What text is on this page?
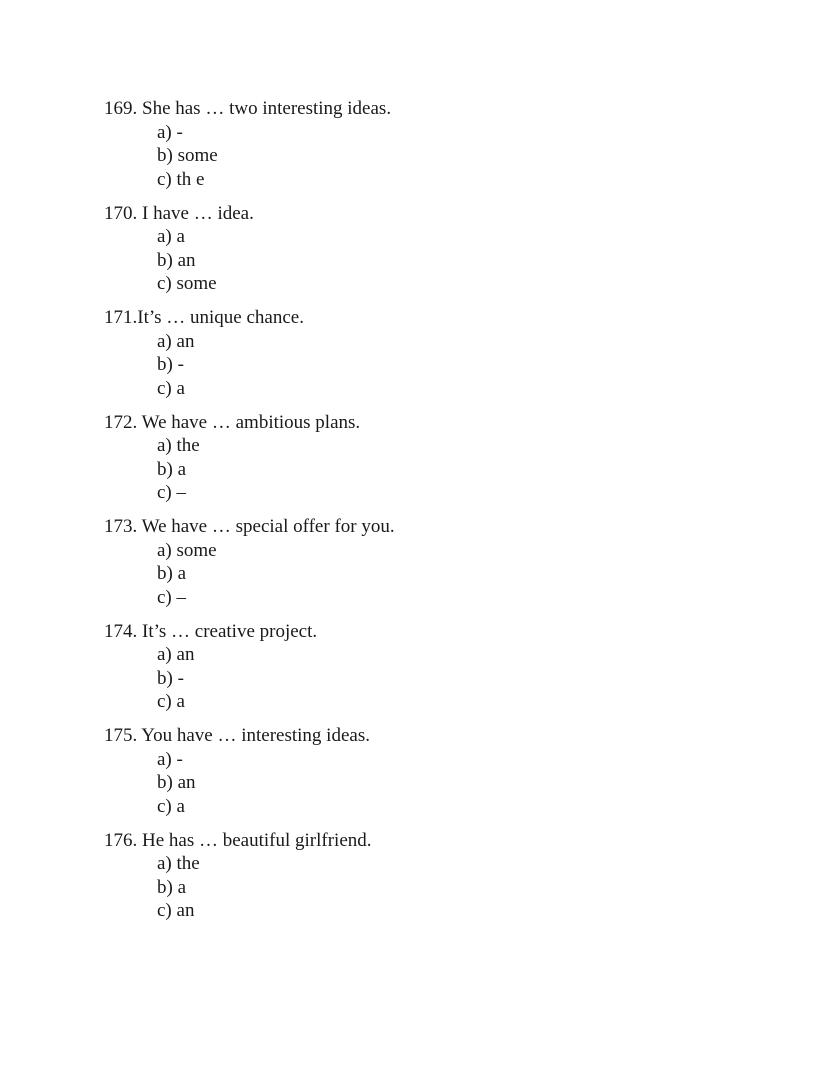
169. She has … two interesting ideas.
a) -
b) some
c) th e
170. I have … idea.
a) a
b) an
c) some
171.It’s … unique chance.
a) an
b) -
c) a
172. We have … ambitious plans.
a) the
b) a
c) –
173. We have … special offer for you.
a) some
b) a
c) –
174. It’s … creative project.
a) an
b) -
c) a
175. You have … interesting ideas.
a) -
b) an
c) a
176. He has … beautiful girlfriend.
a) the
b) a
c) an
